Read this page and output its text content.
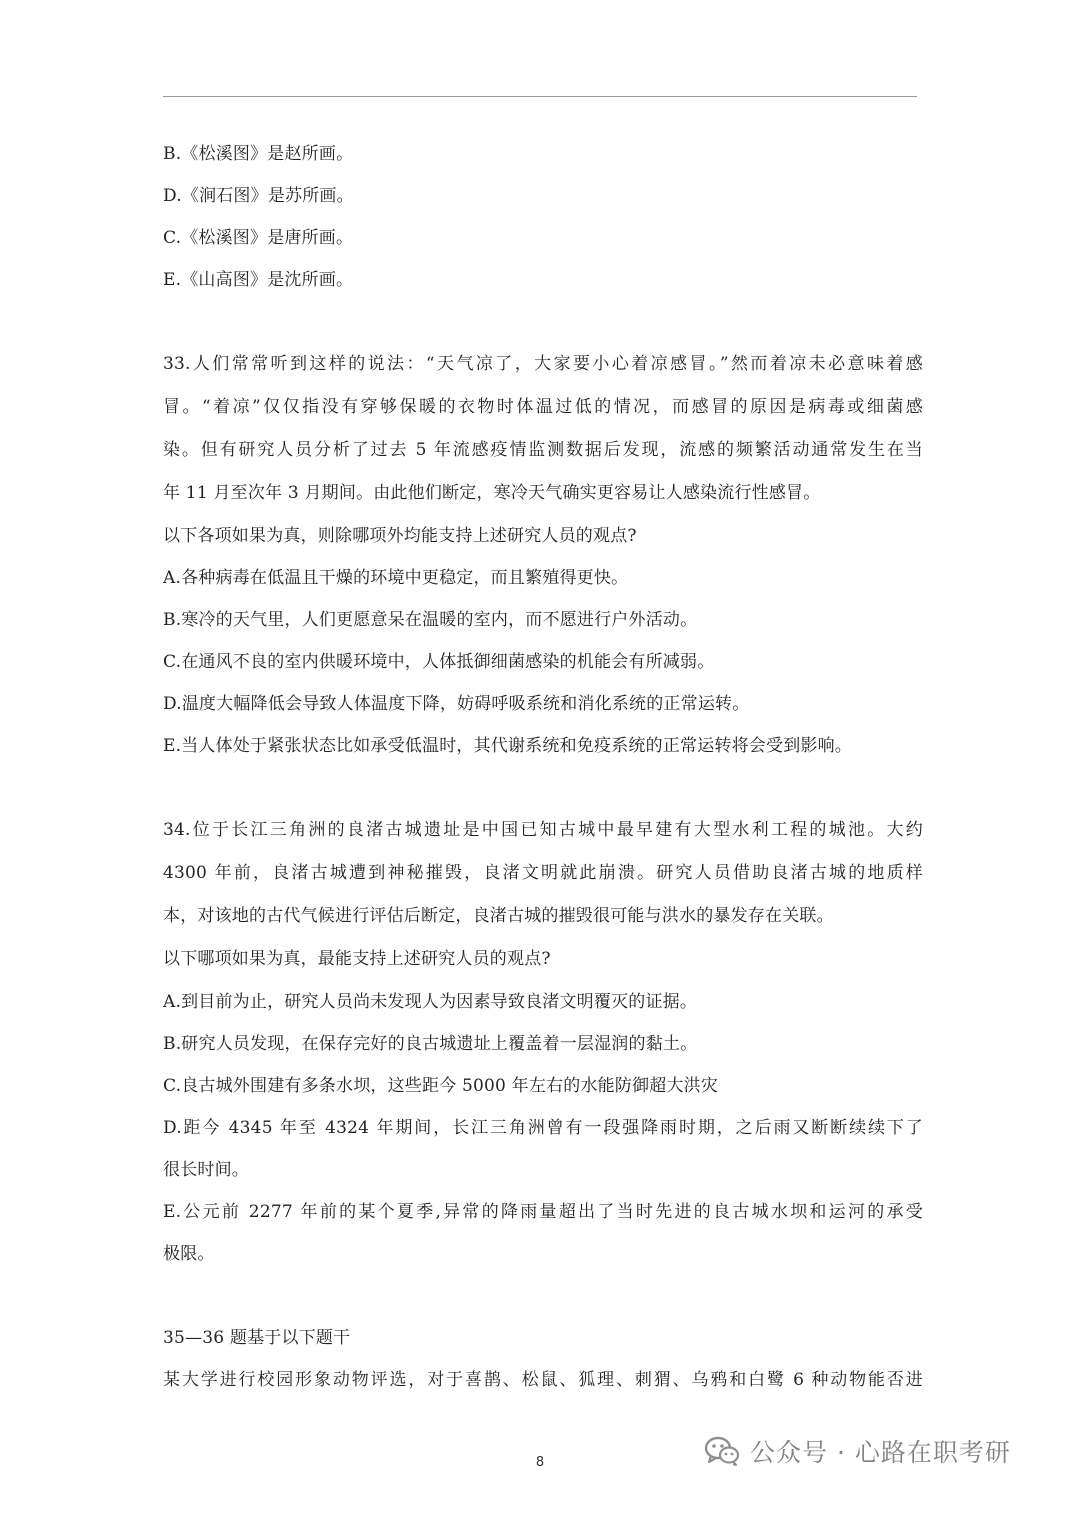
B.《松溪图》是赵所画。
D.《涧石图》是苏所画。
C.《松溪图》是唐所画。
E.《山高图》是沈所画。
33.人们常常听到这样的说法：“天气凉了，大家要小心着凉感冒。”然而着凉未必意味着感
冒。“着凉”仅仅指没有穿够保暖的衣物时体温过低的情况，而感冒的原因是病毒或细菌感
染。但有研究人员分析了过去 5 年流感疫情监测数据后发现，流感的频繁活动通常发生在当
年 11 月至次年 3 月期间。由此他们断定，寒冷天气确实更容易让人感染流行性感冒。
以下各项如果为真，则除哪项外均能支持上述研究人员的观点?
A.各种病毒在低温且干燥的环境中更稳定，而且繁殖得更快。
B.寒冷的天气里，人们更愿意呆在温暖的室内，而不愿进行户外活动。
C.在通风不良的室内供暖环境中，人体抵御细菌感染的机能会有所减弱。
D.温度大幅降低会导致人体温度下降，妨碍呼吸系统和消化系统的正常运转。
E.当人体处于紧张状态比如承受低温时，其代谢系统和免疫系统的正常运转将会受到影响。
34.位于长江三角洲的良渚古城遗址是中国已知古城中最早建有大型水利工程的城池。大约
4300 年前，良渚古城遭到神秘摧毁，良渚文明就此崩溃。研究人员借助良渚古城的地质样
本，对该地的古代气候进行评估后断定，良渚古城的摧毁很可能与洪水的暴发存在关联。
以下哪项如果为真，最能支持上述研究人员的观点?
A.到目前为止，研究人员尚未发现人为因素导致良渚文明覆灭的证据。
B.研究人员发现，在保存完好的良古城遗址上覆盖着一层湿润的黏土。
C.良古城外围建有多条水坝，这些距今 5000 年左右的水能防御超大洪灾
D.距今 4345 年至 4324 年期间，长江三角洲曾有一段强降雨时期，之后雨又断断续续下了
很长时间。
E.公元前 2277 年前的某个夏季,异常的降雨量超出了当时先进的良古城水坝和运河的承受
极限。
35—36 题基于以下题干
某大学进行校园形象动物评选，对于喜鹊、松鼠、狐理、刺猬、乌鸦和白鹭 6 种动物能否进
8	公众号 · 心路在职考研
